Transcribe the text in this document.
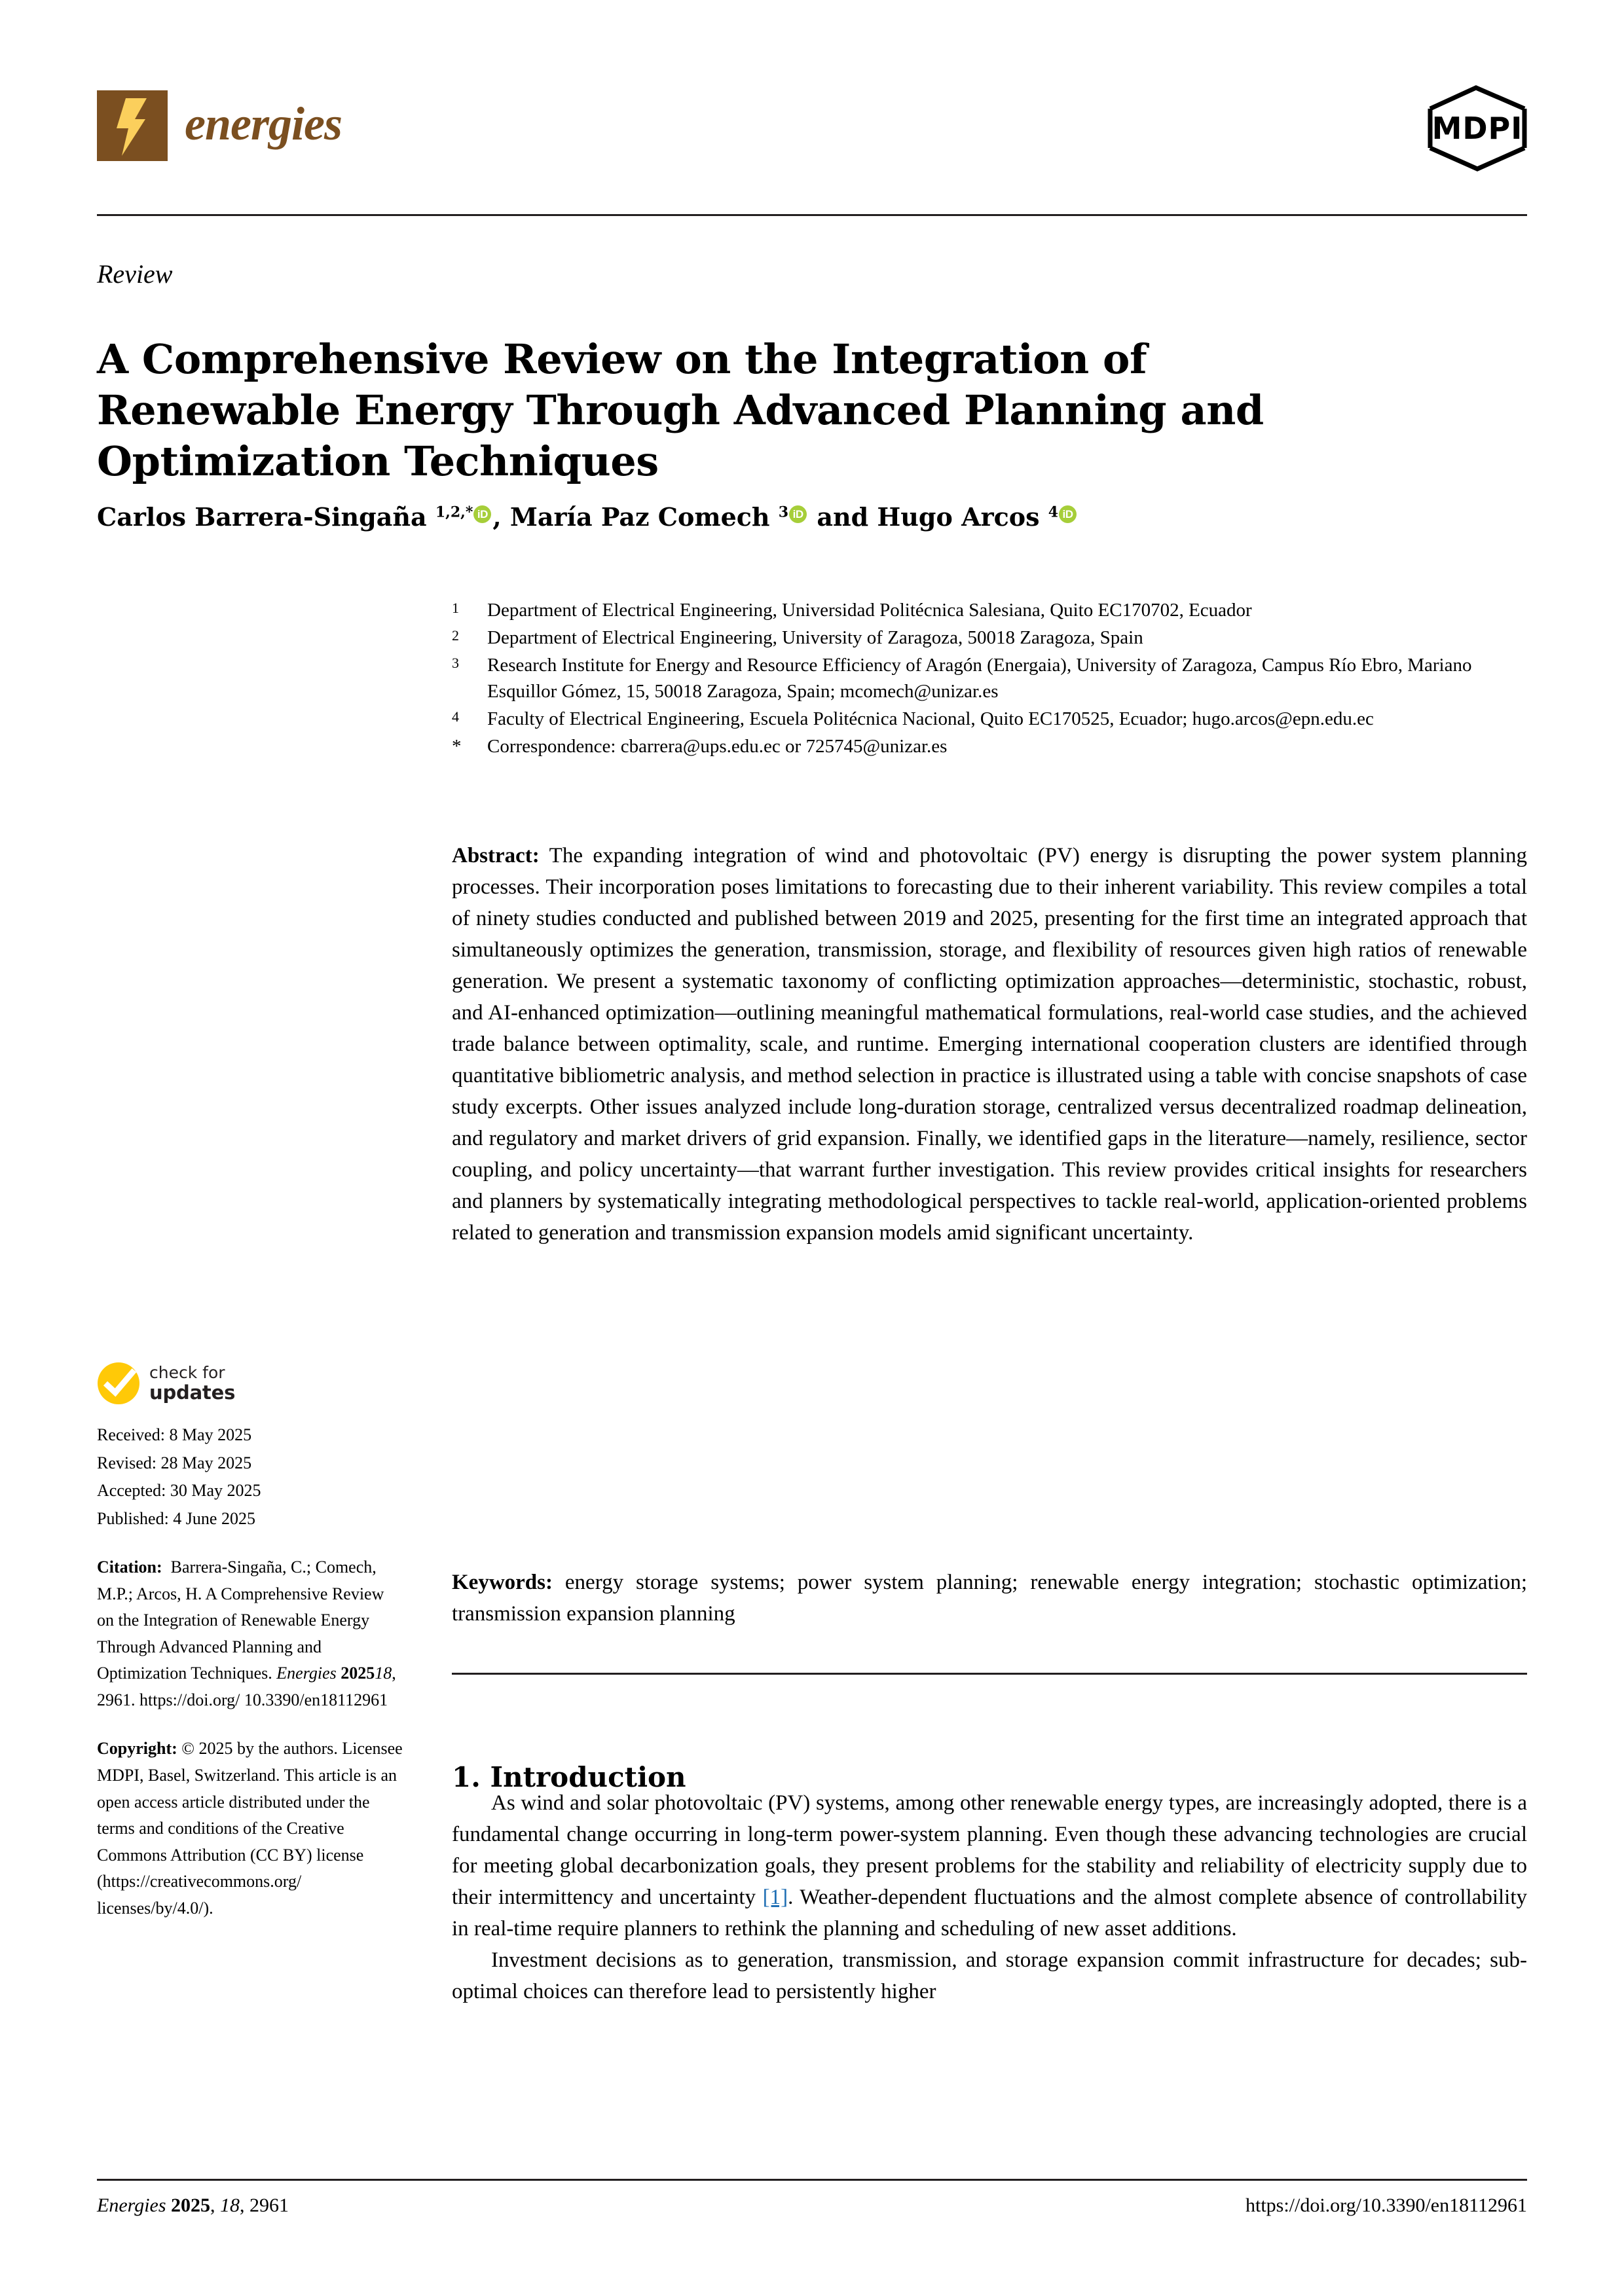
energies	MDPI
Review
A Comprehensive Review on the Integration of Renewable Energy Through Advanced Planning and Optimization Techniques
Carlos Barrera-Singaña $^{1,2,*}$ iD , María Paz Comech $^3$ iD and Hugo Arcos $^4$ iD
1	Department of Electrical Engineering, Universidad Politécnica Salesiana, Quito EC170702, Ecuador
2	Department of Electrical Engineering, University of Zaragoza, 50018 Zaragoza, Spain
3	Research Institute for Energy and Resource Efficiency of Aragón (Energaia), University of Zaragoza, Campus Río Ebro, Mariano Esquillor Gómez, 15, 50018 Zaragoza, Spain; mcomech@unizar.es
4	Faculty of Electrical Engineering, Escuela Politécnica Nacional, Quito EC170525, Ecuador; hugo.arcos@epn.edu.ec
*	Correspondence: cbarrera@ups.edu.ec or 725745@unizar.es
Abstract: The expanding integration of wind and photovoltaic (PV) energy is disrupting the power system planning processes. Their incorporation poses limitations to forecasting due to their inherent variability. This review compiles a total of ninety studies conducted and published between 2019 and 2025, presenting for the first time an integrated approach that simultaneously optimizes the generation, transmission, storage, and flexibility of resources given high ratios of renewable generation. We present a systematic taxonomy of conflicting optimization approaches—deterministic, stochastic, robust, and AI-enhanced optimization—outlining meaningful mathematical formulations, real-world case studies, and the achieved trade balance between optimality, scale, and runtime. Emerging international cooperation clusters are identified through quantitative bibliometric analysis, and method selection in practice is illustrated using a table with concise snapshots of case study excerpts. Other issues analyzed include long-duration storage, centralized versus decentralized roadmap delineation, and regulatory and market drivers of grid expansion. Finally, we identified gaps in the literature—namely, resilience, sector coupling, and policy uncertainty—that warrant further investigation. This review provides critical insights for researchers and planners by systematically integrating methodological perspectives to tackle real-world, application-oriented problems related to generation and transmission expansion models amid significant uncertainty.
Keywords: energy storage systems; power system planning; renewable energy integration; stochastic optimization; transmission expansion planning
1. Introduction

As wind and solar photovoltaic (PV) systems, among other renewable energy types, are increasingly adopted, there is a fundamental change occurring in long-term power-system planning. Even though these advancing technologies are crucial for meeting global decarbonization goals, they present problems for the stability and reliability of electricity supply due to their intermittency and uncertainty [1]. Weather-dependent fluctuations and the almost complete absence of controllability in real-time require planners to rethink the planning and scheduling of new asset additions.

Investment decisions as to generation, transmission, and storage expansion commit infrastructure for decades; sub-optimal choices can therefore lead to persistently higher

check for
updates
Received: 8 May 2025
Revised: 28 May 2025
Accepted: 30 May 2025
Published: 4 June 2025
Citation: Barrera-Singaña, C.; Comech, M.P.; Arcos, H. A Comprehensive Review on the Integration of Renewable Energy Through Advanced Planning and Optimization Techniques. Energies 202518, 2961. https://doi.org/ 10.3390/en18112961
Copyright: © 2025 by the authors. Licensee MDPI, Basel, Switzerland. This article is an open access article distributed under the terms and conditions of the Creative Commons Attribution (CC BY) license (https://creativecommons.org/ licenses/by/4.0/).
Energies 2025, 18, 2961	https://doi.org/10.3390/en18112961
